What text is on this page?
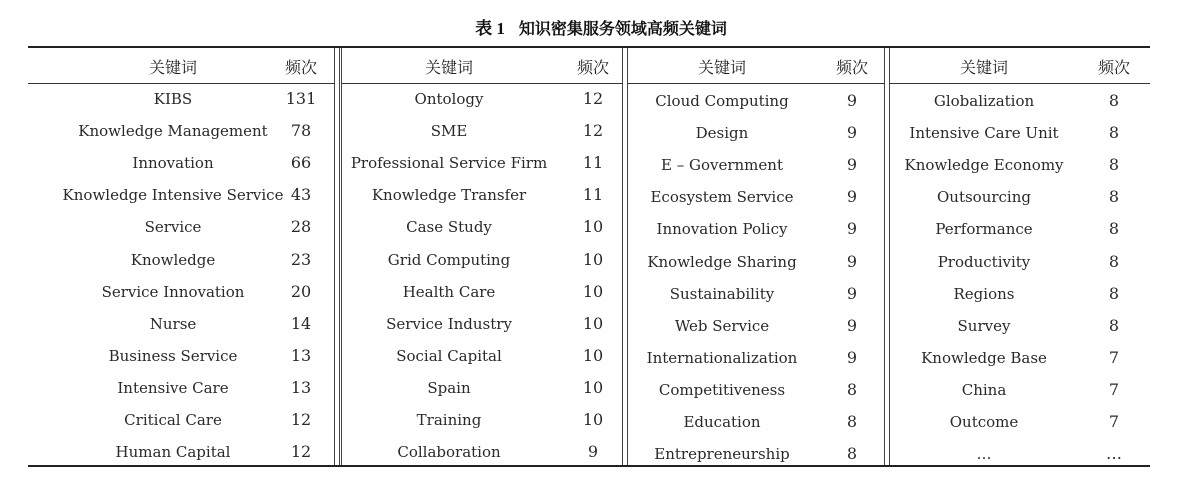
表 1 知识密集服务领域高频关键词
关键词	频次
KIBS	131
Knowledge Management	78
Innovation	66
Knowledge Intensive Service 43
Service	28
Knowledge	23
Service Innovation	20
Nurse	14
Business Service	13
Intensive Care	13
Critical Care	12
Human Capital	12
关键词	频次
Ontology	12
SME	12
Professional Service Firm	11
Knowledge Transfer	11
Case Study	10
Grid Computing	10
Health Care	10
Service Industry	10
Social Capital	10
Spain	10
Training	10
Collaboration	9
关键词	频次
Cloud Computing	9
Design	9
E – Government	9
Ecosystem Service	9
Innovation Policy	9
Knowledge Sharing	9
Sustainability	9
Web Service	9
Internationalization	9
Competitiveness	8
Education	8
Entrepreneurship	8
关键词	频次
Globalization	8
Intensive Care Unit	8
Knowledge Economy	8
Outsourcing	8
Performance	8
Productivity	8
Regions	8
Survey	8
Knowledge Base	7
China	7
Outcome	7
…	…
